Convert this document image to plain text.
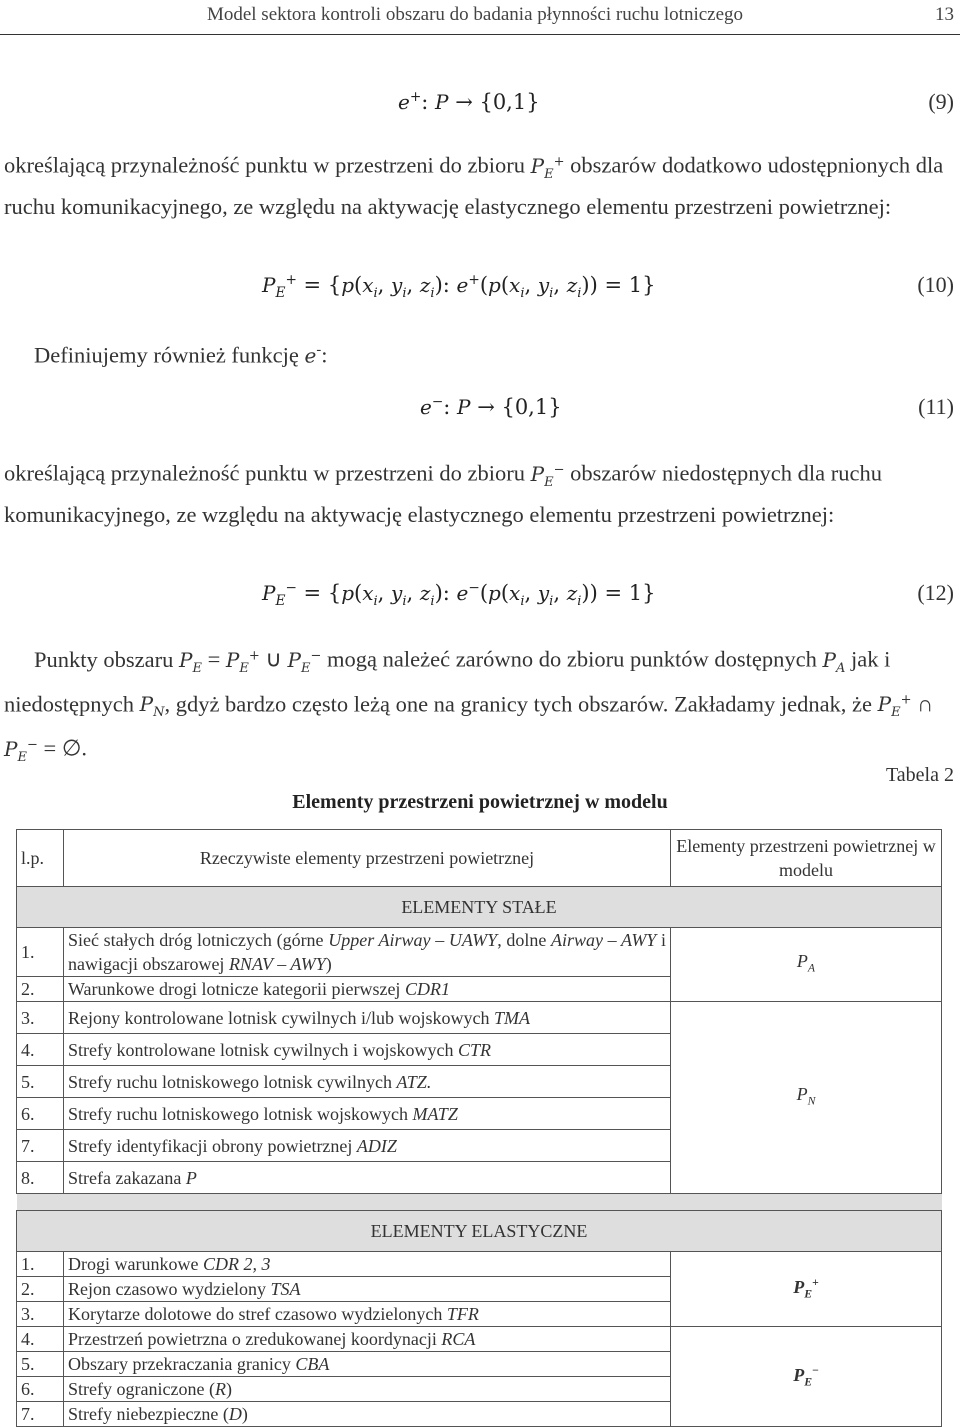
Model sektora kontroli obszaru do badania płynności ruchu lotniczego	13
e+: P → {0,1}	(9)
określającą przynależność punktu w przestrzeni do zbioru $P_E^+$ obszarów dodatkowo udostępnionych dla ruchu komunikacyjnego, ze względu na aktywację elastycznego elementu przestrzeni powietrznej:
$P_E^+ = \{p(x_i$, $y_i$, $z_i$): $e^+(p(x_i$, $y_i$, $z_i)) = 1$}	(10)
Definiujemy również funkcję e-:
e−: P → {0,1}	(11)
określającą przynależność punktu w przestrzeni do zbioru $P_E^-$ obszarów niedostępnych dla ruchu komunikacyjnego, ze względu na aktywację elastycznego elementu przestrzeni powietrznej:
$P_E^- = \{p(x_i$, $y_i$, $z_i$): $e^-(p(x_i$, $y_i$, $z_i)) = 1$}	(12)
Punkty obszaru $P_E = P_E^+$ ∪ $P_E^-$ mogą należeć zarówno do zbioru punktów dostępnych $P_A$ jak i niedostępnych $P_N$, gdyż bardzo często leżą one na granicy tych obszarów. Zakładamy jednak, że $P_E^+$ ∩ $P_E^-$ = ∅.
Tabela 2
Elementy przestrzeni powietrznej w modelu
l.p.	Rzeczywiste elementy przestrzeni powietrznej	Elementy przestrzeni powietrznej w modelu
ELEMENTY STAŁE		
1.	Sieć stałych dróg lotniczych (górne Upper Airway – UAWY, dolne Airway – AWY i nawigacji obszarowej RNAV – AWY)	$P_A$
2.	Warunkowe drogi lotnicze kategorii pierwszej CDR1	
3.	Rejony kontrolowane lotnisk cywilnych i/lub wojskowych TMA	$P_N$
4.	Strefy kontrolowane lotnisk cywilnych i wojskowych CTR	
5.	Strefy ruchu lotniskowego lotnisk cywilnych ATZ.	
6.	Strefy ruchu lotniskowego lotnisk wojskowych MATZ	
7.	Strefy identyfikacji obrony powietrznej ADIZ	
8.	Strefa zakazana P	

ELEMENTY ELASTYCZNE		
1.	Drogi warunkowe CDR 2, 3	$P_E^+$
2.	Rejon czasowo wydzielony TSA	
3.	Korytarze dolotowe do stref czasowo wydzielonych TFR	
4.	Przestrzeń powietrzna o zredukowanej koordynacji RCA	$P_E^-$
5.	Obszary przekraczania granicy CBA	
6.	Strefy ograniczone (R)	
7.	Strefy niebezpieczne (D)	
